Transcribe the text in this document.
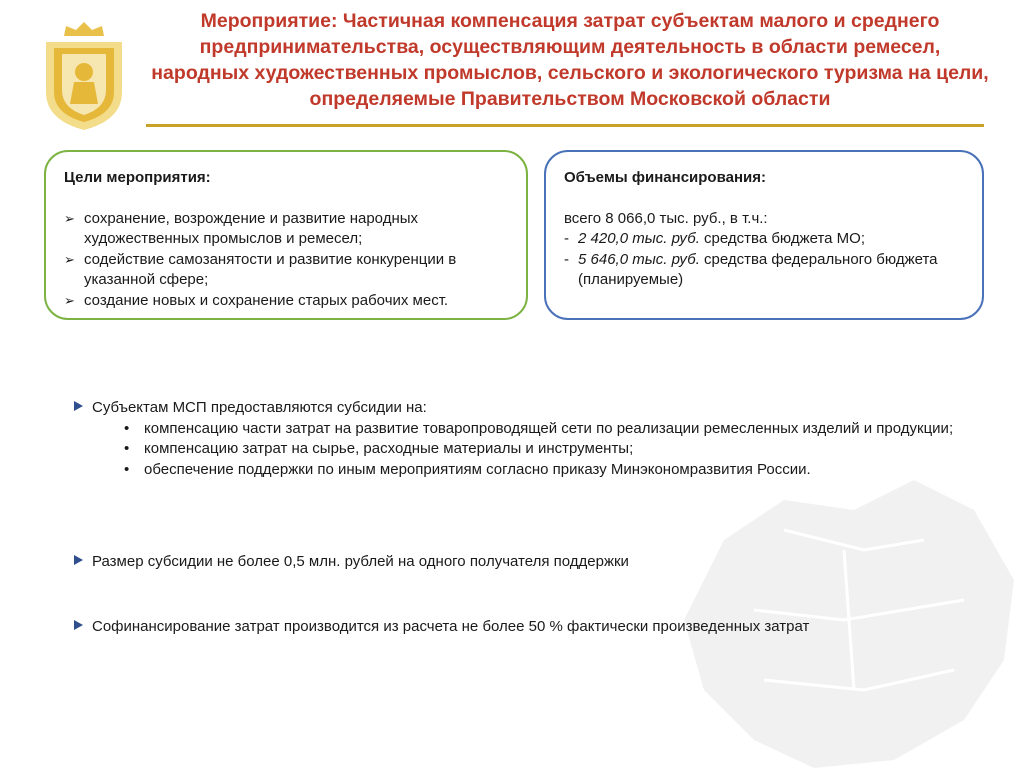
Мероприятие: Частичная компенсация затрат субъектам малого и среднего предпринимательства, осуществляющим деятельность в области ремесел, народных художественных промыслов, сельского и экологического туризма на цели, определяемые Правительством Московской области

Цели мероприятия:

➢ сохранение, возрождение и развитие народных художественных промыслов и ремесел;
➢ содействие самозанятости и развитие конкуренции в указанной сфере;
➢ создание новых и сохранение старых рабочих мест.

Объемы финансирования:

всего 8 066,0 тыс. руб., в т.ч.:

- 2 420,0 тыс. руб. средства бюджета МО;

- 5 646,0 тыс. руб. средства федерального бюджета (планируемые)

Субъектам МСП предоставляются субсидии на:
• компенсацию части затрат на развитие товаропроводящей сети по реализации ремесленных изделий и продукции;
• компенсацию затрат на сырье, расходные материалы и инструменты;
• обеспечение поддержки по иным мероприятиям согласно приказу Минэкономразвития России.
Размер субсидии не более 0,5 млн. рублей на одного получателя поддержки
Софинансирование затрат производится из расчета не более 50 % фактически произведенных затрат
